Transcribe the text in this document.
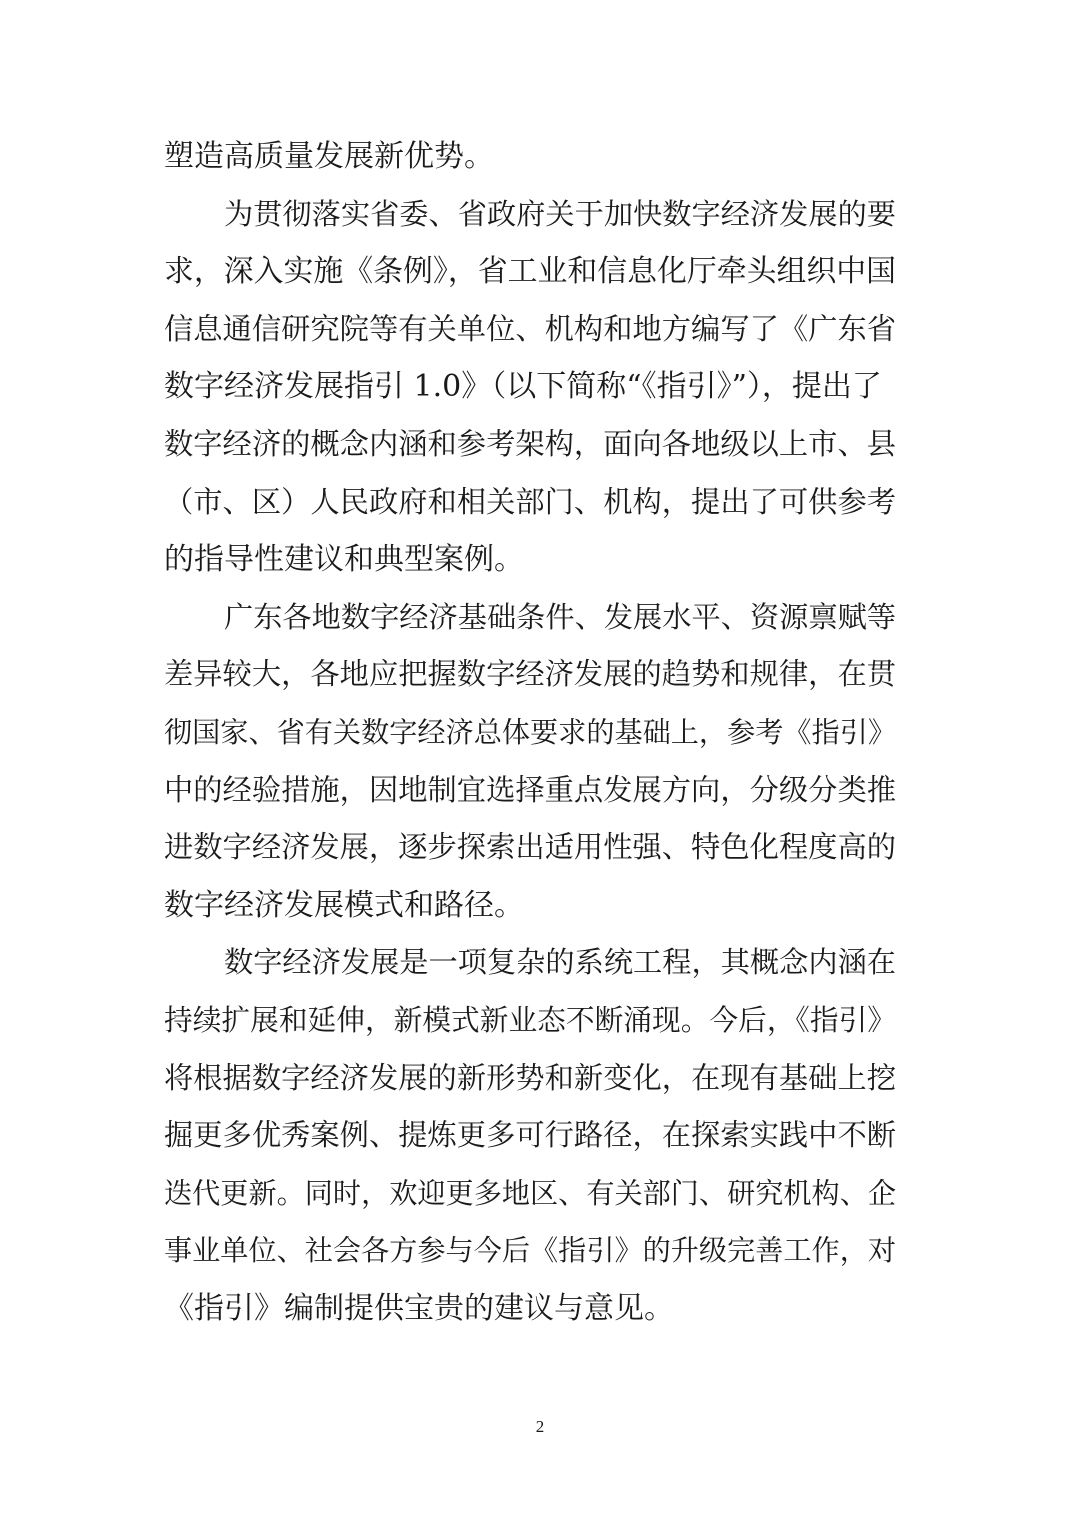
塑造高质量发展新优势。
为贯彻落实省委、省政府关于加快数字经济发展的要
求，深入实施《条例》，省工业和信息化厅牵头组织中国
信息通信研究院等有关单位、机构和地方编写了《广东省
数字经济发展指引 1.0》（以下简称“《指引》”），提出了
数字经济的概念内涵和参考架构，面向各地级以上市、县
（市、区）人民政府和相关部门、机构，提出了可供参考
的指导性建议和典型案例。
广东各地数字经济基础条件、发展水平、资源禀赋等
差异较大，各地应把握数字经济发展的趋势和规律，在贯
彻国家、省有关数字经济总体要求的基础上，参考《指引》
中的经验措施，因地制宜选择重点发展方向，分级分类推
进数字经济发展，逐步探索出适用性强、特色化程度高的
数字经济发展模式和路径。
数字经济发展是一项复杂的系统工程，其概念内涵在
持续扩展和延伸，新模式新业态不断涌现。今后，《指引》
将根据数字经济发展的新形势和新变化，在现有基础上挖
掘更多优秀案例、提炼更多可行路径，在探索实践中不断
迭代更新。同时，欢迎更多地区、有关部门、研究机构、企
事业单位、社会各方参与今后《指引》的升级完善工作，对
《指引》编制提供宝贵的建议与意见。
2
